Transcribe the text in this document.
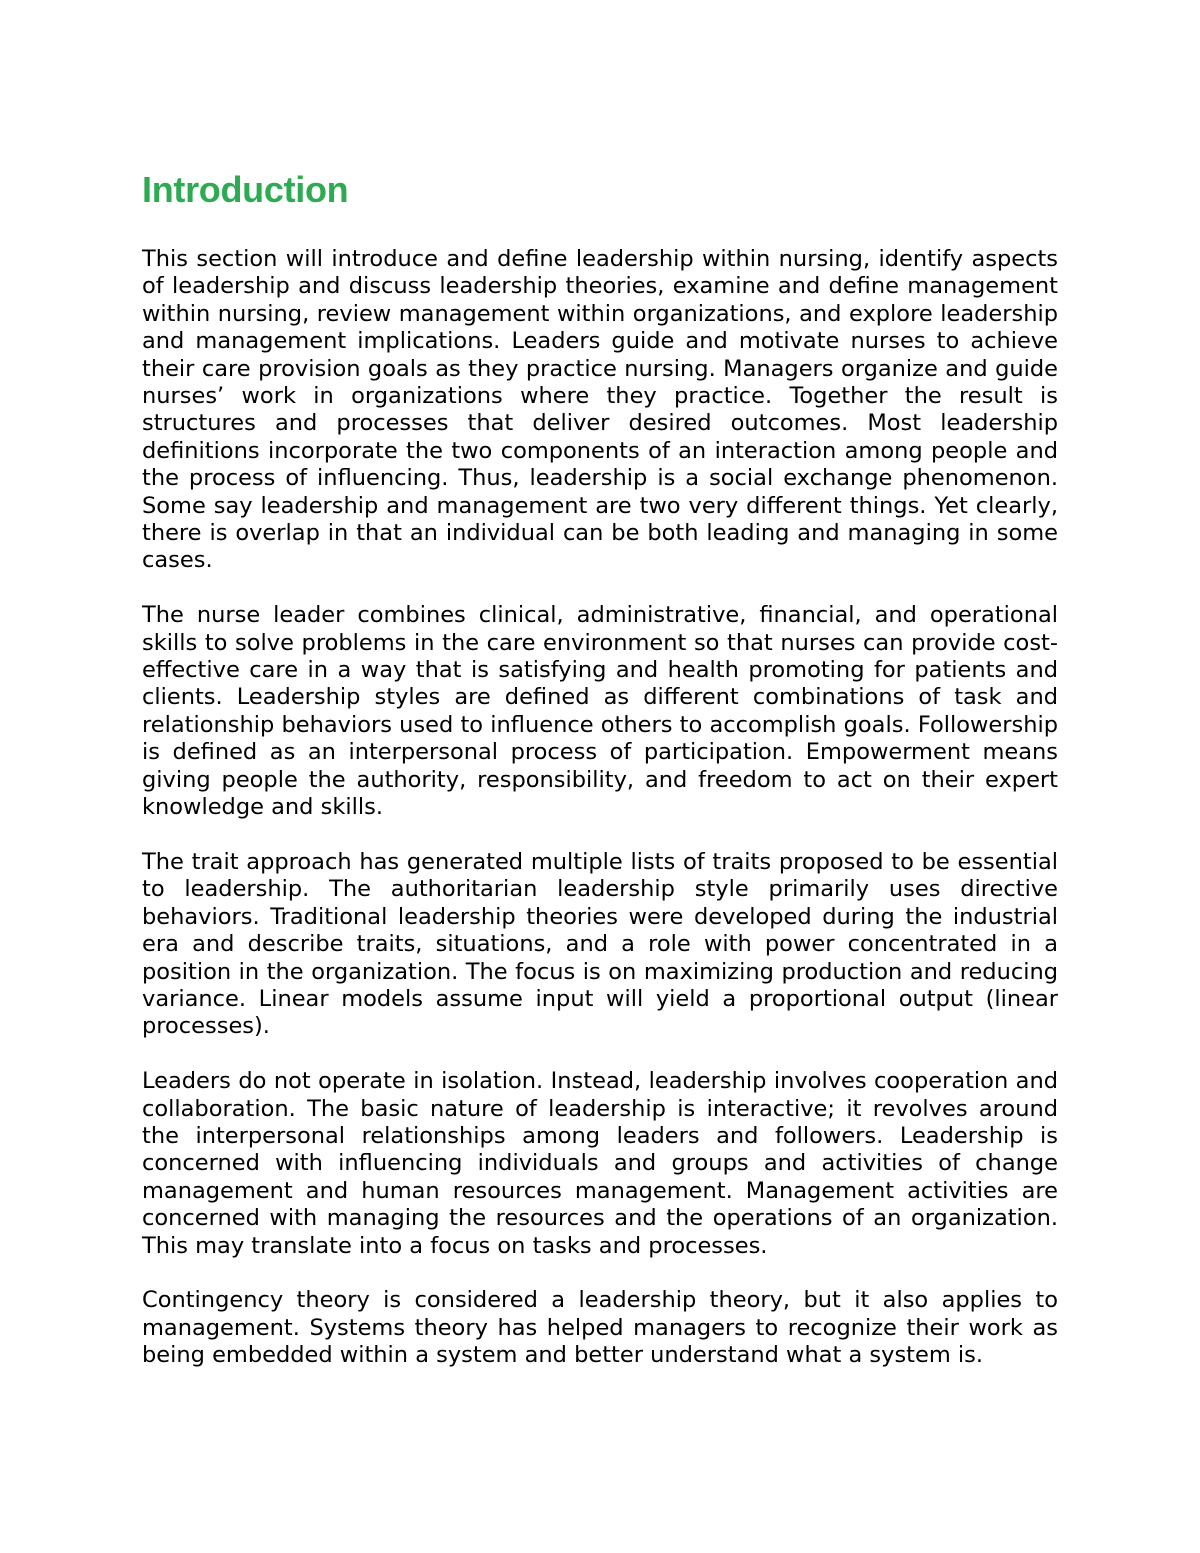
Introduction

This section will introduce and define leadership within nursing, identify aspects of leadership and discuss leadership theories, examine and define management within nursing, review management within organizations, and explore leadership and management implications. Leaders guide and motivate nurses to achieve their care provision goals as they practice nursing. Managers organize and guide nurses’ work in organizations where they practice. Together the result is structures and processes that deliver desired outcomes. Most leadership definitions incorporate the two components of an interaction among people and the process of influencing. Thus, leadership is a social exchange phenomenon. Some say leadership and management are two very different things. Yet clearly, there is overlap in that an individual can be both leading and managing in some cases.

The nurse leader combines clinical, administrative, financial, and operational skills to solve problems in the care environment so that nurses can provide cost-effective care in a way that is satisfying and health promoting for patients and clients. Leadership styles are defined as different combinations of task and relationship behaviors used to influence others to accomplish goals. Followership is defined as an interpersonal process of participation. Empowerment means giving people the authority, responsibility, and freedom to act on their expert knowledge and skills.

The trait approach has generated multiple lists of traits proposed to be essential to leadership. The authoritarian leadership style primarily uses directive behaviors. Traditional leadership theories were developed during the industrial era and describe traits, situations, and a role with power concentrated in a position in the organization. The focus is on maximizing production and reducing variance. Linear models assume input will yield a proportional output (linear processes).

Leaders do not operate in isolation. Instead, leadership involves cooperation and collaboration. The basic nature of leadership is interactive; it revolves around the interpersonal relationships among leaders and followers. Leadership is concerned with influencing individuals and groups and activities of change management and human resources management. Management activities are concerned with managing the resources and the operations of an organization. This may translate into a focus on tasks and processes.

Contingency theory is considered a leadership theory, but it also applies to management. Systems theory has helped managers to recognize their work as being embedded within a system and better understand what a system is.
